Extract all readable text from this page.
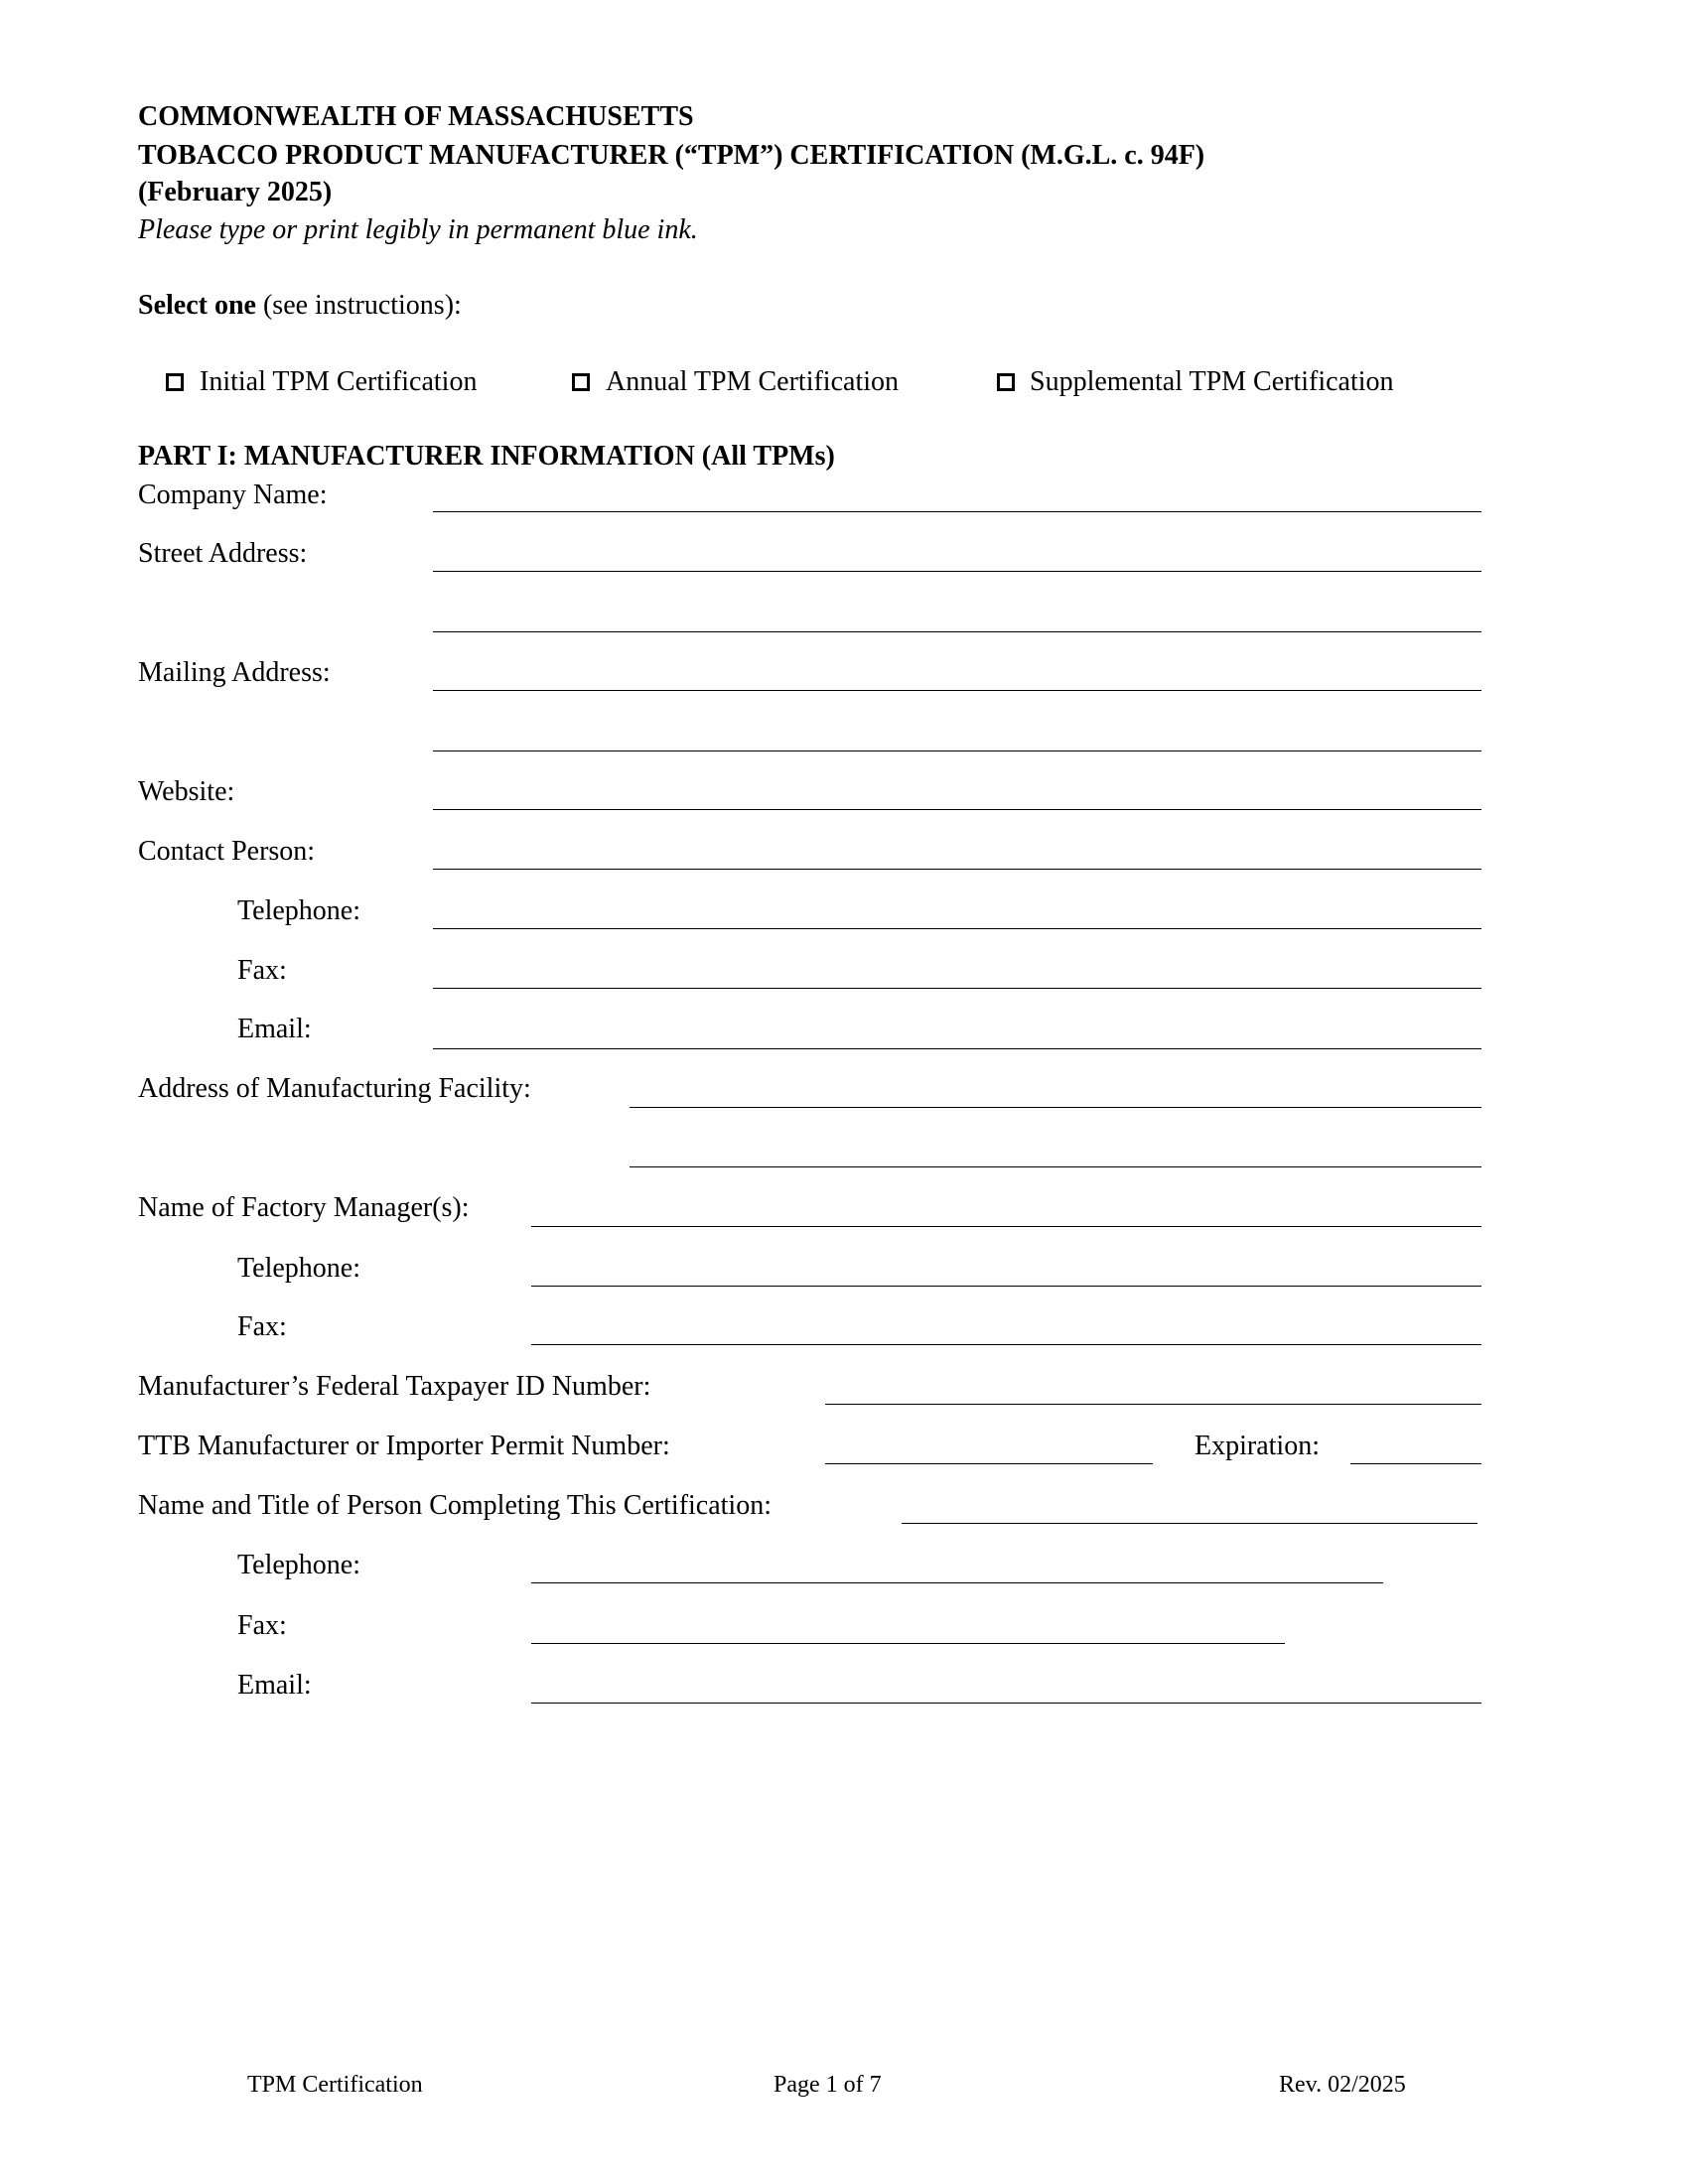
COMMONWEALTH OF MASSACHUSETTS
TOBACCO PRODUCT MANUFACTURER (“TPM”) CERTIFICATION (M.G.L. c. 94F)
(February 2025)
Please type or print legibly in permanent blue ink.
Select one (see instructions):
Initial TPM Certification	Annual TPM Certification	Supplemental TPM Certification
PART I: MANUFACTURER INFORMATION (All TPMs)
Company Name:
Street Address:
Mailing Address:
Website:
Contact Person:
Telephone:
Fax:
Email:
Address of Manufacturing Facility:
Name of Factory Manager(s):
Telephone:
Fax:
Manufacturer’s Federal Taxpayer ID Number:
TTB Manufacturer or Importer Permit Number:	Expiration:
Name and Title of Person Completing This Certification:
Telephone:
Fax:
Email:
TPM Certification	Page 1 of 7	Rev. 02/2025
